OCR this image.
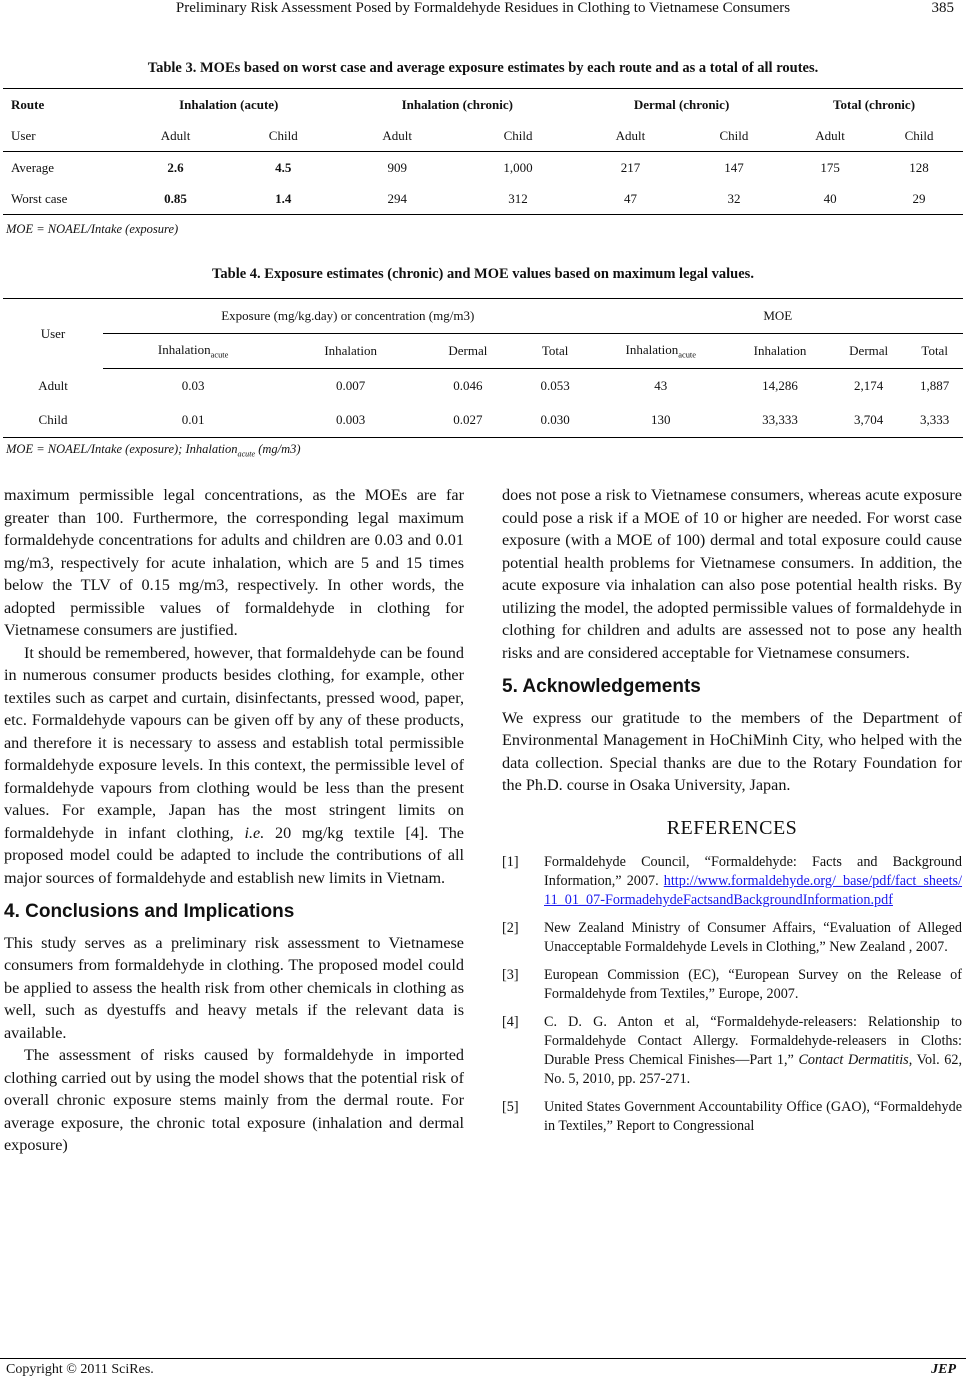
Preliminary Risk Assessment Posed by Formaldehyde Residues in Clothing to Vietnamese Consumers	385
Table 3. MOEs based on worst case and average exposure estimates by each route and as a total of all routes.
Route	Inhalation (acute)		Inhalation (chronic)		Dermal (chronic)		Total (chronic)	
User	Adult	Child	Adult	Child	Adult	Child	Adult	Child
Average	2.6	4.5	909	1,000	217	147	175	128
Worst case	0.85	1.4	294	312	47	32	40	29
MOE = NOAEL/Intake (exposure)
Table 4. Exposure estimates (chronic) and MOE values based on maximum legal values.
User	Exposure (mg/kg.day) or concentration (mg/m3)				MOE			
	Inhalation$_{acute}$	Inhalation	Dermal	Total	Inhalation$_{acute}$	Inhalation	Dermal	Total
Adult	0.03	0.007	0.046	0.053	43	14,286	2,174	1,887
Child	0.01	0.003	0.027	0.030	130	33,333	3,704	3,333
MOE = NOAEL/Intake (exposure); Inhalation$_{acute}$ (mg/m3)

maximum permissible legal concentrations, as the MOEs are far greater than 100. Furthermore, the corresponding legal maximum formaldehyde concentrations for adults and children are 0.03 and 0.01 mg/m3, respectively for acute inhalation, which are 5 and 15 times below the TLV of 0.15 mg/m3, respectively. In other words, the adopted permissible values of formaldehyde in clothing for Vietnamese consumers are justified.

It should be remembered, however, that formaldehyde can be found in numerous consumer products besides clothing, for example, other textiles such as carpet and curtain, disinfectants, pressed wood, paper, etc. Formaldehyde vapours can be given off by any of these products, and therefore it is necessary to assess and establish total permissible formaldehyde exposure levels. In this context, the permissible level of formaldehyde vapours from clothing would be less than the present values. For example, Japan has the most stringent limits on formaldehyde in infant clothing, i.e. 20 mg/kg textile [4]. The proposed model could be adapted to include the contributions of all major sources of formaldehyde and establish new limits in Vietnam.

4. Conclusions and Implications

This study serves as a preliminary risk assessment to Vietnamese consumers from formaldehyde in clothing. The proposed model could be applied to assess the health risk from other chemicals in clothing as well, such as dyestuffs and heavy metals if the relevant data is available.

The assessment of risks caused by formaldehyde in imported clothing carried out by using the model shows that the potential risk of overall chronic exposure stems mainly from the dermal route. For average exposure, the chronic total exposure (inhalation and dermal exposure)

does not pose a risk to Vietnamese consumers, whereas acute exposure could pose a risk if a MOE of 10 or higher are needed. For worst case exposure (with a MOE of 100) dermal and total exposure could cause potential health problems for Vietnamese consumers. In addition, the acute exposure via inhalation can also pose potential health risks. By utilizing the model, the adopted permissible values of formaldehyde in clothing for children and adults are assessed not to pose any health risks and are considered acceptable for Vietnamese consumers.

5. Acknowledgements

We express our gratitude to the members of the Department of Environmental Management in HoChiMinh City, who helped with the data collection. Special thanks are due to the Rotary Foundation for the Ph.D. course in Osaka University, Japan.

REFERENCES
[1] Formaldehyde Council, “Formaldehyde: Facts and Background Information,” 2007. http://www.formaldehyde.org/_base/pdf/fact_sheets/11_01_07-FormadehydeFactsandBackgroundInformation.pdf
[2] New Zealand Ministry of Consumer Affairs, “Evaluation of Alleged Unacceptable Formaldehyde Levels in Clothing,” New Zealand , 2007.
[3] European Commission (EC), “European Survey on the Release of Formaldehyde from Textiles,” Europe, 2007.
[4] C. D. G. Anton et al, “Formaldehyde-releasers: Relationship to Formaldehyde Contact Allergy. Formaldehyde-releasers in Cloths: Durable Press Chemical Finishes—Part 1,” Contact Dermatitis, Vol. 62, No. 5, 2010, pp. 257-271.
[5] United States Government Accountability Office (GAO), “Formaldehyde in Textiles,” Report to Congressional
Copyright © 2011 SciRes.	JEP
